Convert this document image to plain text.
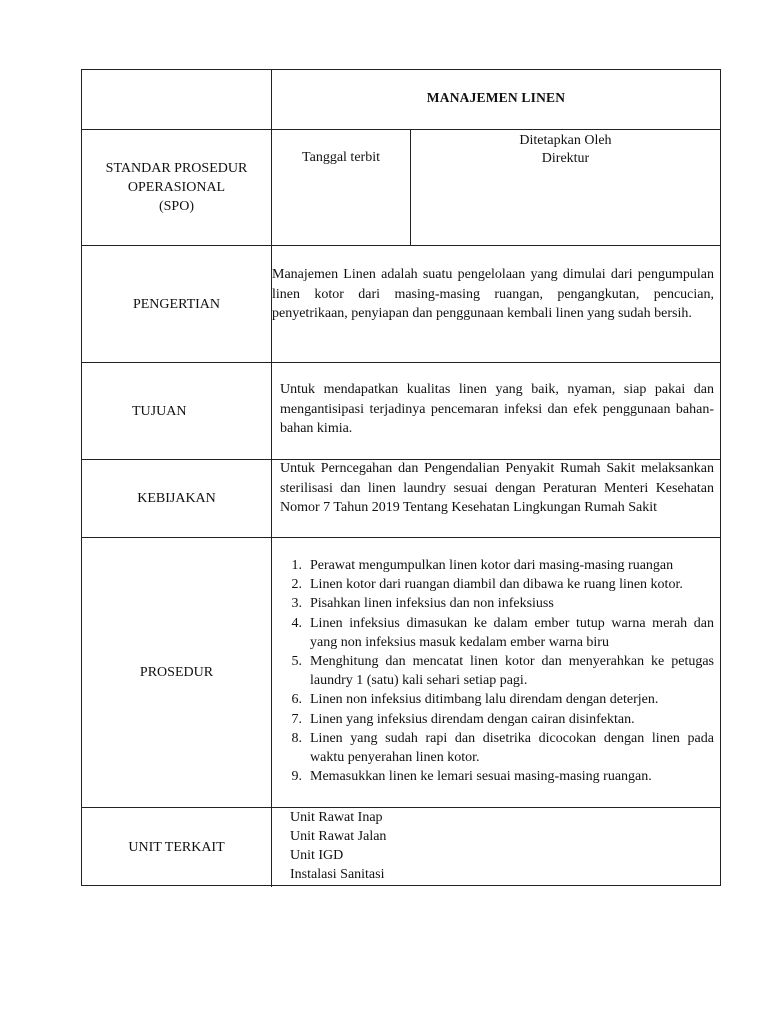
MANAJEMEN LINEN
STANDAR PROSEDUR
OPERASIONAL
(SPO)
Tanggal terbit
Ditetapkan Oleh
Direktur
PENGERTIAN
Manajemen Linen adalah suatu pengelolaan yang dimulai dari pengumpulan linen kotor dari masing-masing ruangan, pengangkutan, pencucian, penyetrikaan, penyiapan dan penggunaan kembali linen yang sudah bersih.
TUJUAN
Untuk mendapatkan kualitas linen yang baik, nyaman, siap pakai dan mengantisipasi terjadinya pencemaran infeksi dan efek penggunaan bahan-bahan kimia.
KEBIJAKAN
Untuk Perncegahan dan Pengendalian Penyakit Rumah Sakit melaksankan sterilisasi dan linen laundry sesuai dengan Peraturan Menteri Kesehatan Nomor 7 Tahun 2019 Tentang Kesehatan Lingkungan Rumah Sakit
PROSEDUR
1. Perawat mengumpulkan linen kotor dari masing-masing ruangan
2. Linen kotor dari ruangan diambil dan dibawa ke ruang linen kotor.
3. Pisahkan linen infeksius dan non infeksiuss
4. Linen infeksius dimasukan ke dalam ember tutup warna merah dan yang non infeksius masuk kedalam ember warna biru
5. Menghitung dan mencatat linen kotor dan menyerahkan ke petugas laundry 1 (satu) kali sehari setiap pagi.
6. Linen non infeksius ditimbang lalu direndam dengan deterjen.
7. Linen yang infeksius direndam dengan cairan disinfektan.
8. Linen yang sudah rapi dan disetrika dicocokan dengan linen pada waktu penyerahan linen kotor.
9. Memasukkan linen ke lemari sesuai masing-masing ruangan.
UNIT TERKAIT
Unit Rawat Inap
Unit Rawat Jalan
Unit IGD
Instalasi Sanitasi
